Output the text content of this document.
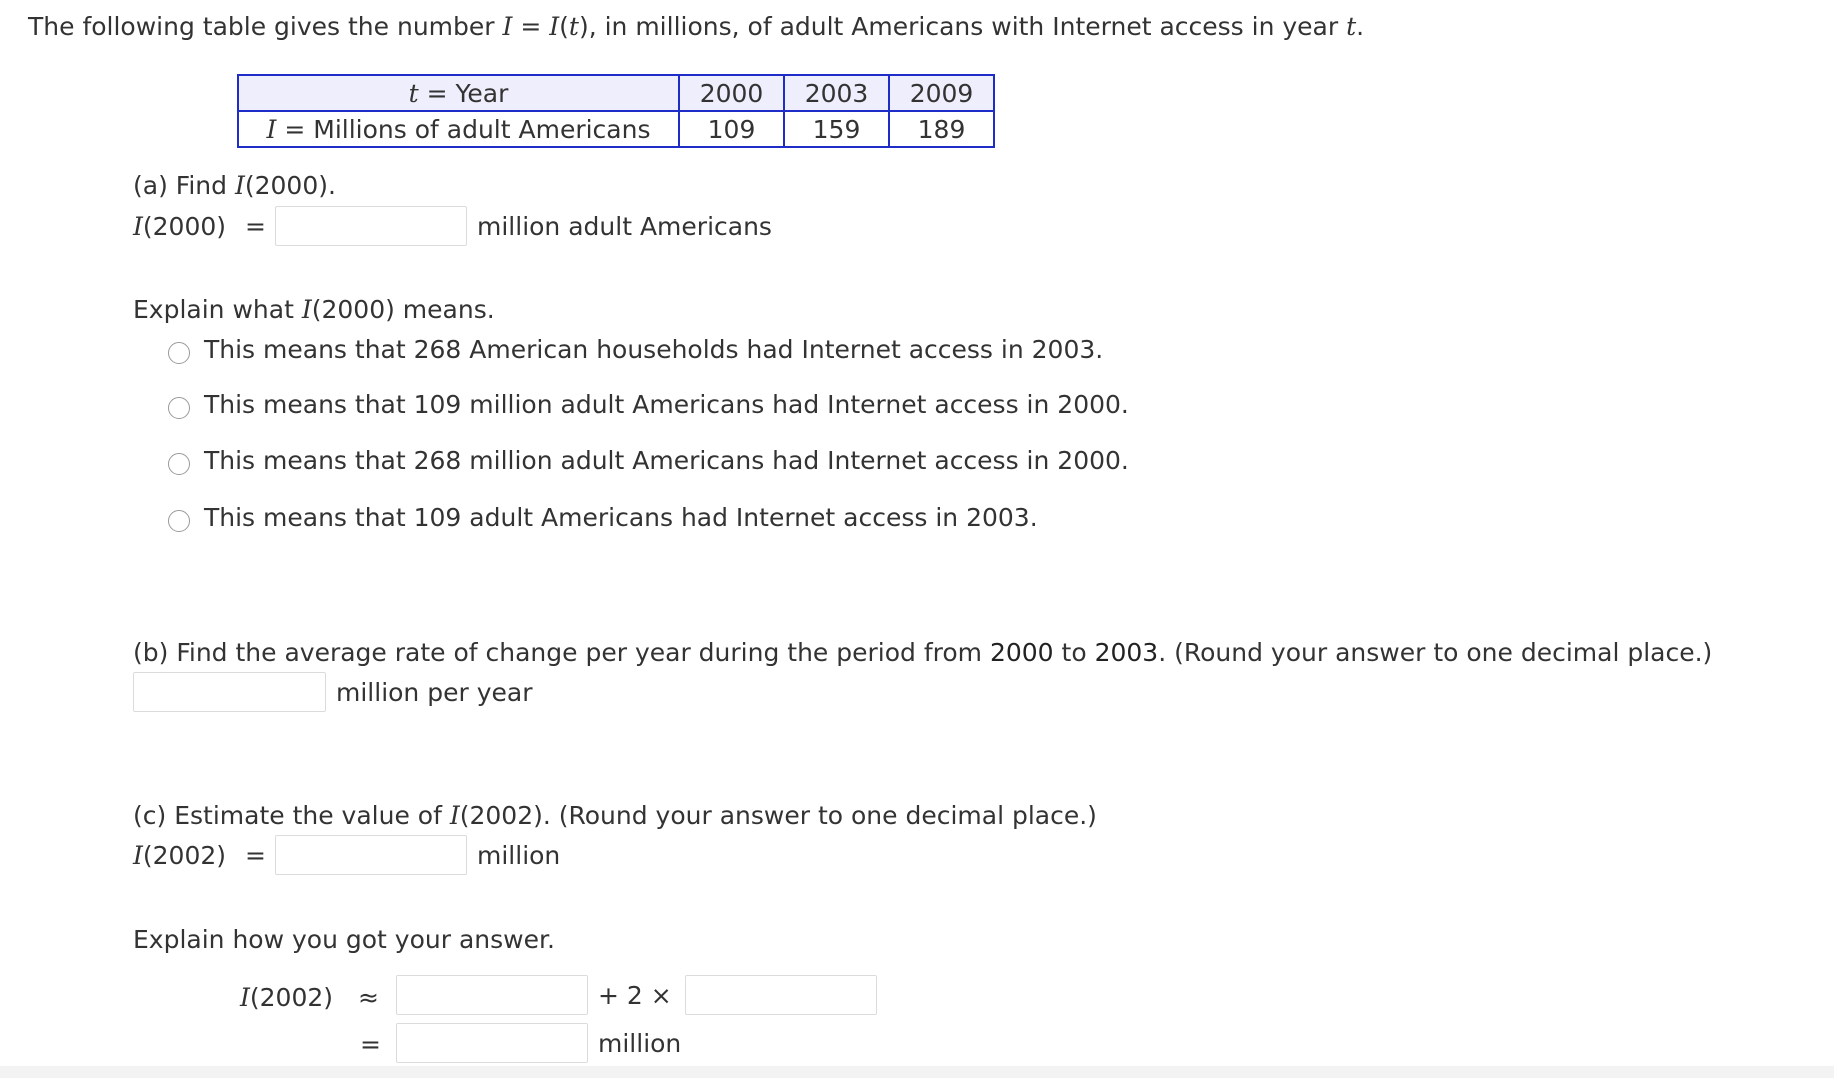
The following table gives the number I = I(t), in millions, of adult Americans with Internet access in year t.
t = Year	2000	2003	2009
I = Millions of adult Americans	109	159	189
(a) Find I(2000).
I(2000) =	million adult Americans
Explain what I(2000) means.
This means that 268 American households had Internet access in 2003.
This means that 109 million adult Americans had Internet access in 2000.
This means that 268 million adult Americans had Internet access in 2000.
This means that 109 adult Americans had Internet access in 2003.
(b) Find the average rate of change per year during the period from 2000 to 2003. (Round your answer to one decimal place.)
million per year
(c) Estimate the value of I(2002). (Round your answer to one decimal place.)
I(2002) =	million
Explain how you got your answer.
I(2002) ≈	+ 2 ×
=	million
